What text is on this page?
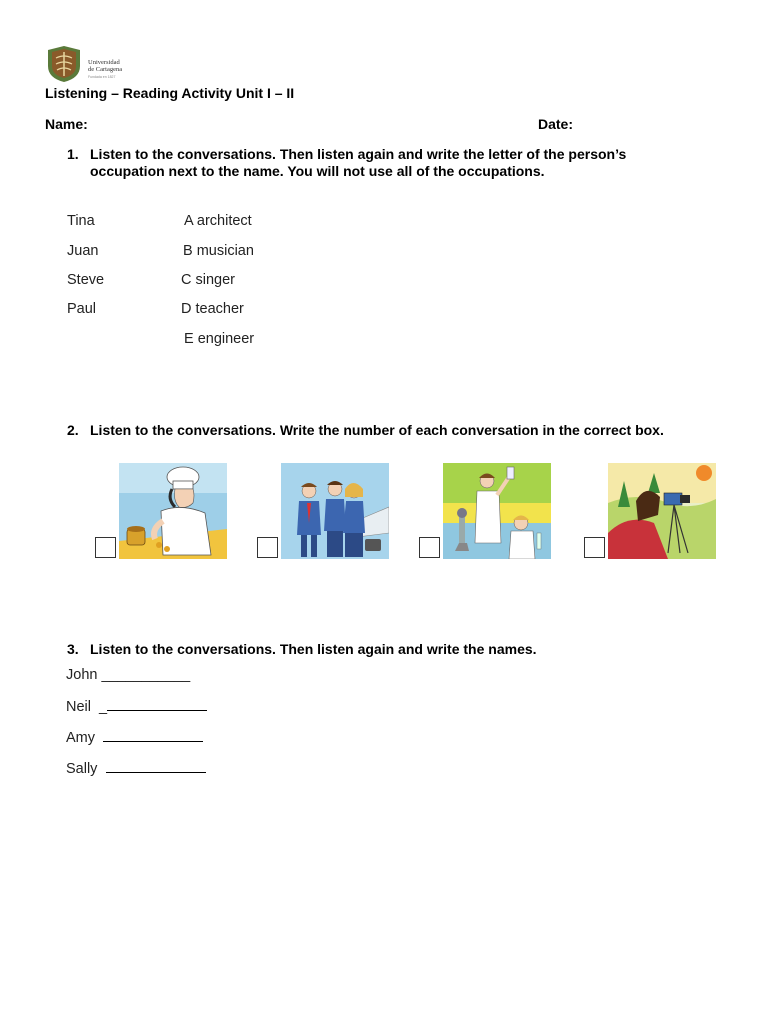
Universidad
de Cartagena
Fundada en 1827
Listening – Reading Activity Unit I – II
Name:	Date:
1. Listen to the conversations. Then listen again and write the letter of the person’s
occupation next to the name. You will not use all of the occupations.
Tina
Juan
Steve
Paul
A architect
B musician
C singer
D teacher
E engineer
2. Listen to the conversations. Write the number of each conversation in the correct box.
3. Listen to the conversations. Then listen again and write the names.
John ___________
Neil _
Amy
Sally
